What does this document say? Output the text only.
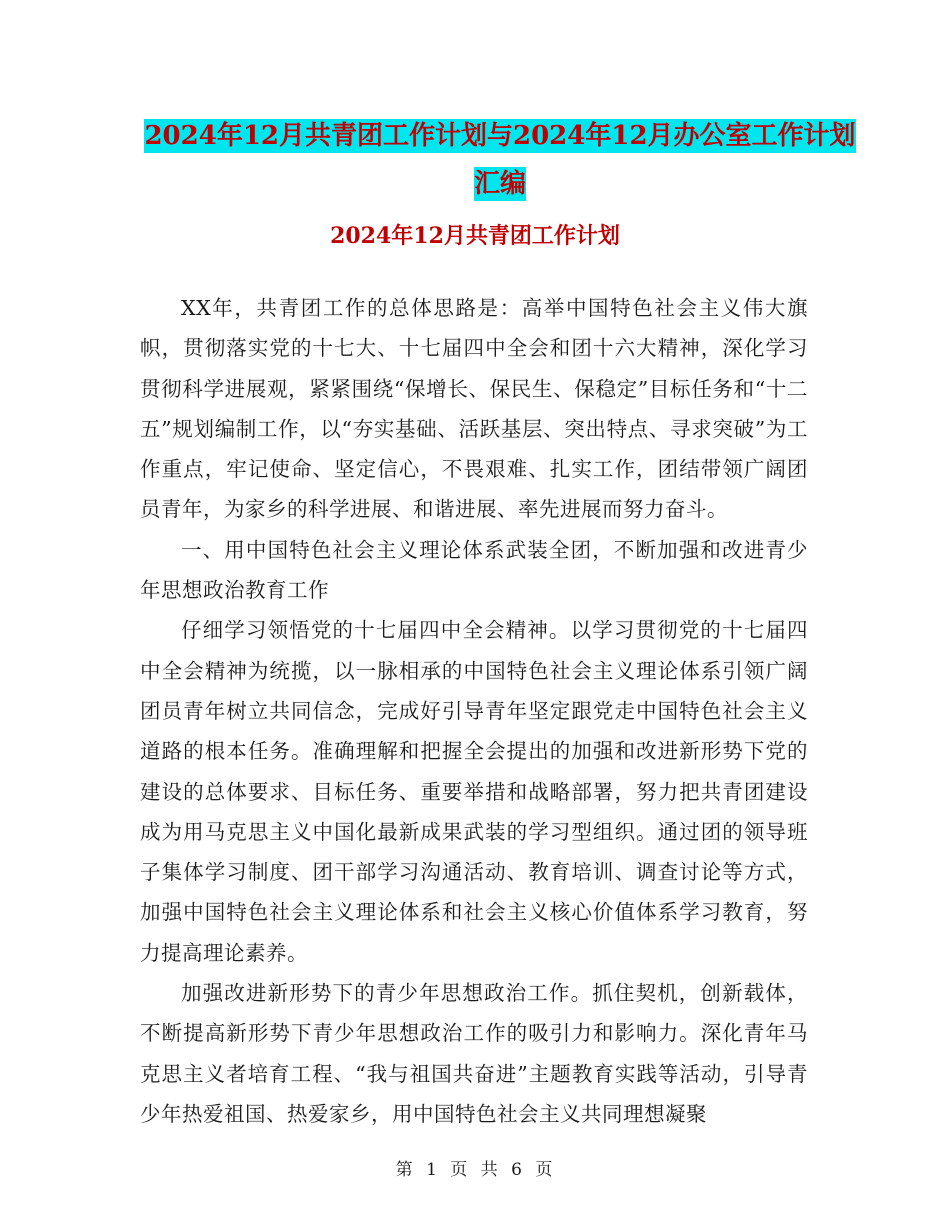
2024年12月共青团工作计划与2024年12月办公室工作计划汇编
2024年12月共青团工作计划

XX年，共青团工作的总体思路是：高举中国特色社会主义伟大旗帜，贯彻落实党的十七大、十七届四中全会和团十六大精神，深化学习贯彻科学进展观，紧紧围绕“保增长、保民生、保稳定”目标任务和“十二五”规划编制工作，以“夯实基础、活跃基层、突出特点、寻求突破”为工作重点，牢记使命、坚定信心，不畏艰难、扎实工作，团结带领广阔团员青年，为家乡的科学进展、和谐进展、率先进展而努力奋斗。

一、用中国特色社会主义理论体系武装全团，不断加强和改进青少年思想政治教育工作

仔细学习领悟党的十七届四中全会精神。以学习贯彻党的十七届四中全会精神为统揽，以一脉相承的中国特色社会主义理论体系引领广阔团员青年树立共同信念，完成好引导青年坚定跟党走中国特色社会主义道路的根本任务。准确理解和把握全会提出的加强和改进新形势下党的建设的总体要求、目标任务、重要举措和战略部署，努力把共青团建设成为用马克思主义中国化最新成果武装的学习型组织。通过团的领导班子集体学习制度、团干部学习沟通活动、教育培训、调查讨论等方式，加强中国特色社会主义理论体系和社会主义核心价值体系学习教育，努力提高理论素养。

加强改进新形势下的青少年思想政治工作。抓住契机，创新载体，不断提高新形势下青少年思想政治工作的吸引力和影响力。深化青年马克思主义者培育工程、“我与祖国共奋进”主题教育实践等活动，引导青少年热爱祖国、热爱家乡，用中国特色社会主义共同理想凝聚

第 1 页 共 6 页
